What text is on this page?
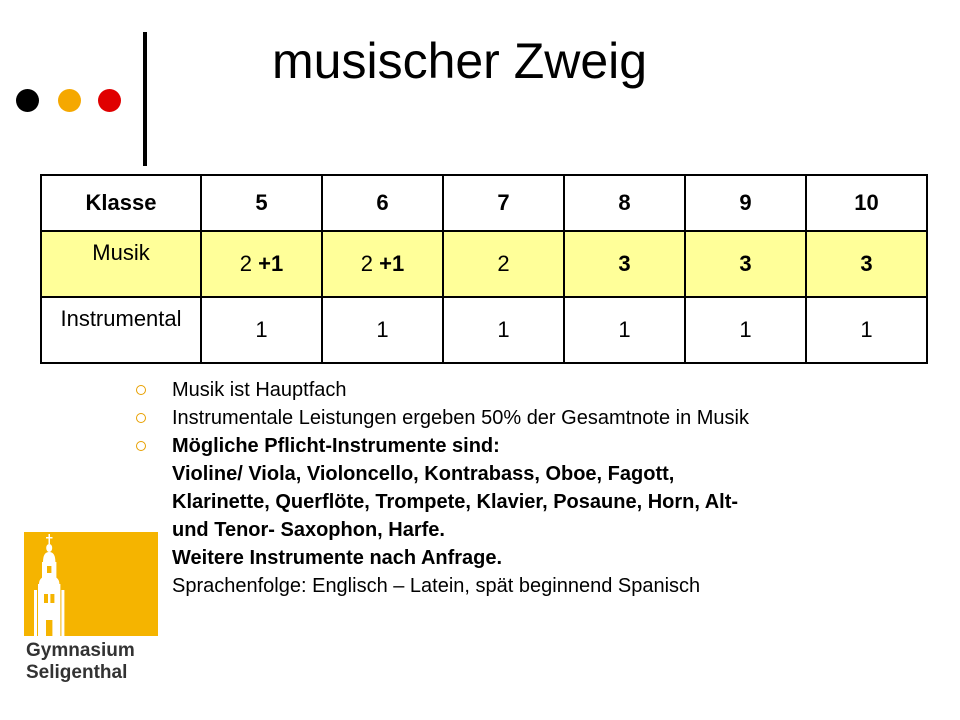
musischer Zweig
Klasse	5	6	7	8	9	10
Musik	2 +1	2 +1	2	3	3	3
Instrumental	1	1	1	1	1	1
Musik ist Hauptfach
Instrumentale Leistungen ergeben 50% der Gesamtnote in Musik
Mögliche Pflicht-Instrumente sind:
Violine/ Viola, Violoncello, Kontrabass, Oboe, Fagott,
Klarinette, Querflöte, Trompete, Klavier, Posaune, Horn, Alt-
und Tenor- Saxophon, Harfe.
Weitere Instrumente nach Anfrage.
Sprachenfolge: Englisch – Latein, spät beginnend Spanisch
Gymnasium
Seligenthal
